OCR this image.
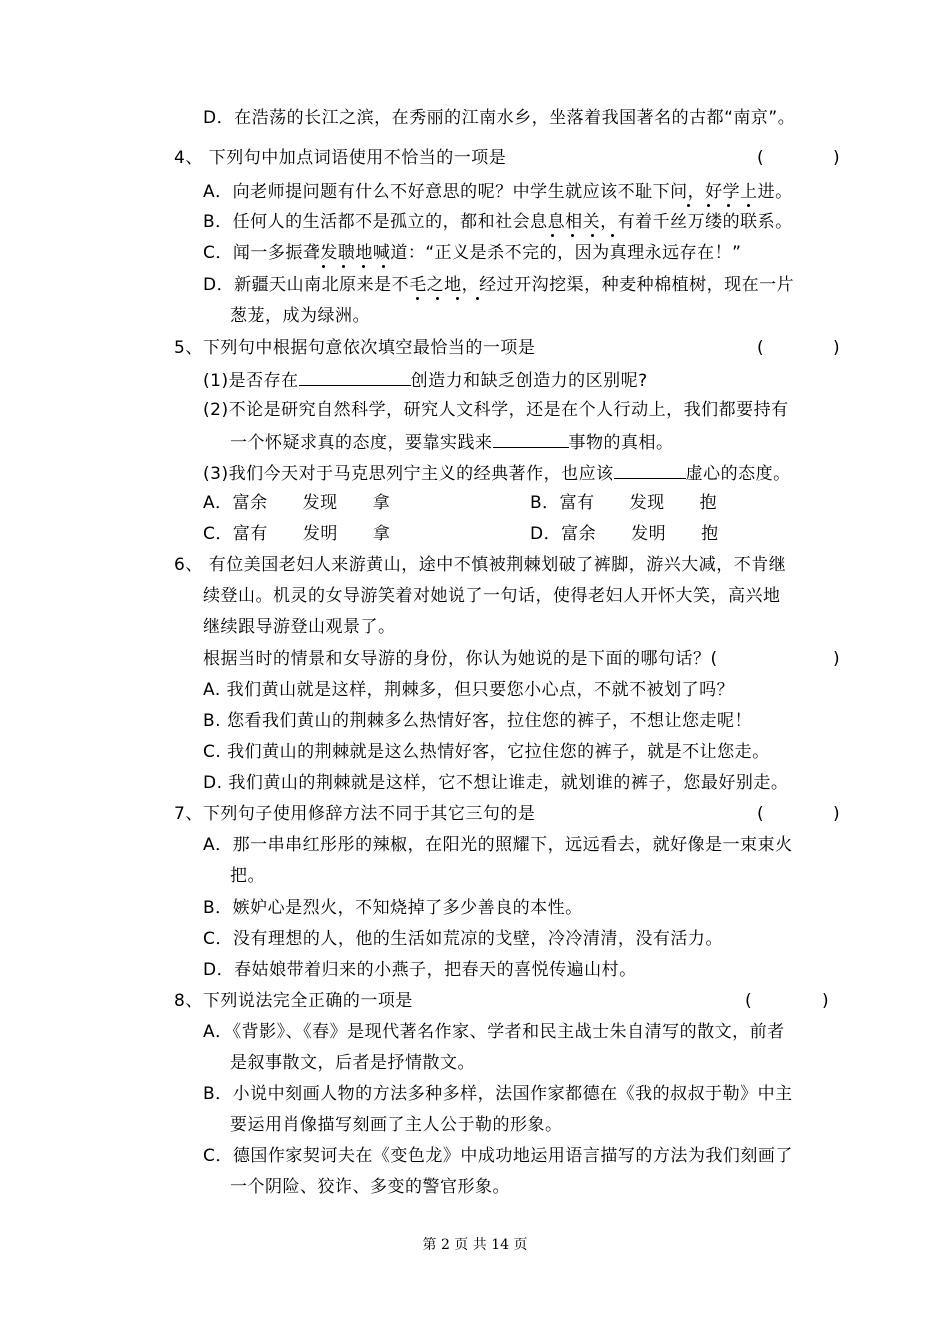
D．在浩荡的长江之滨，在秀丽的江南水乡，坐落着我国著名的古都“南京”。
4、 下列句中加点词语使用不恰当的一项是	(	)
A．向老师提问题有什么不好意思的呢？中学生就应该不耻下问，好学上进。
B．任何人的生活都不是孤立的，都和社会息息相关，有着千丝万缕的联系。
C．闻一多振聋发聩地喊道：“正义是杀不完的，因为真理永远存在！”
D．新疆天山南北原来是不毛之地，经过开沟挖渠，种麦种棉植树，现在一片
葱茏，成为绿洲。
5、下列句中根据句意依次填空最恰当的一项是	(	)
(1)是否存在	创造力和缺乏创造力的区别呢?
(2)不论是研究自然科学，研究人文科学，还是在个人行动上，我们都要持有
一个怀疑求真的态度，要靠实践来	事物的真相。
(3)我们今天对于马克思列宁主义的经典著作，也应该	虚心的态度。
A．富余　　发现　　拿	B．富有　　发现　　抱
C．富有　　发明　　拿	D．富余　　发明　　抱
6、 有位美国老妇人来游黄山，途中不慎被荆棘划破了裤脚，游兴大减，不肯继
续登山。机灵的女导游笑着对她说了一句话，使得老妇人开怀大笑，高兴地
继续跟导游登山观景了。
根据当时的情景和女导游的身份，你认为她说的是下面的哪句话？(	)
A. 我们黄山就是这样，荆棘多，但只要您小心点，不就不被划了吗？
B. 您看我们黄山的荆棘多么热情好客，拉住您的裤子，不想让您走呢！
C. 我们黄山的荆棘就是这么热情好客，它拉住您的裤子，就是不让您走。
D. 我们黄山的荆棘就是这样，它不想让谁走，就划谁的裤子，您最好别走。
7、下列句子使用修辞方法不同于其它三句的是	(	)
A．那一串串红彤彤的辣椒，在阳光的照耀下，远远看去，就好像是一束束火
把。
B．嫉妒心是烈火，不知烧掉了多少善良的本性。
C．没有理想的人，他的生活如荒凉的戈壁，冷冷清清，没有活力。
D．春姑娘带着归来的小燕子，把春天的喜悦传遍山村。
8、下列说法完全正确的一项是	(	)
A．《背影》、《春》是现代著名作家、学者和民主战士朱自清写的散文，前者
是叙事散文，后者是抒情散文。
B．小说中刻画人物的方法多种多样，法国作家都德在《我的叔叔于勒》中主
要运用肖像描写刻画了主人公于勒的形象。
C．德国作家契诃夫在《变色龙》中成功地运用语言描写的方法为我们刻画了
一个阴险、狡诈、多变的警官形象。
第 2 页 共 14 页
